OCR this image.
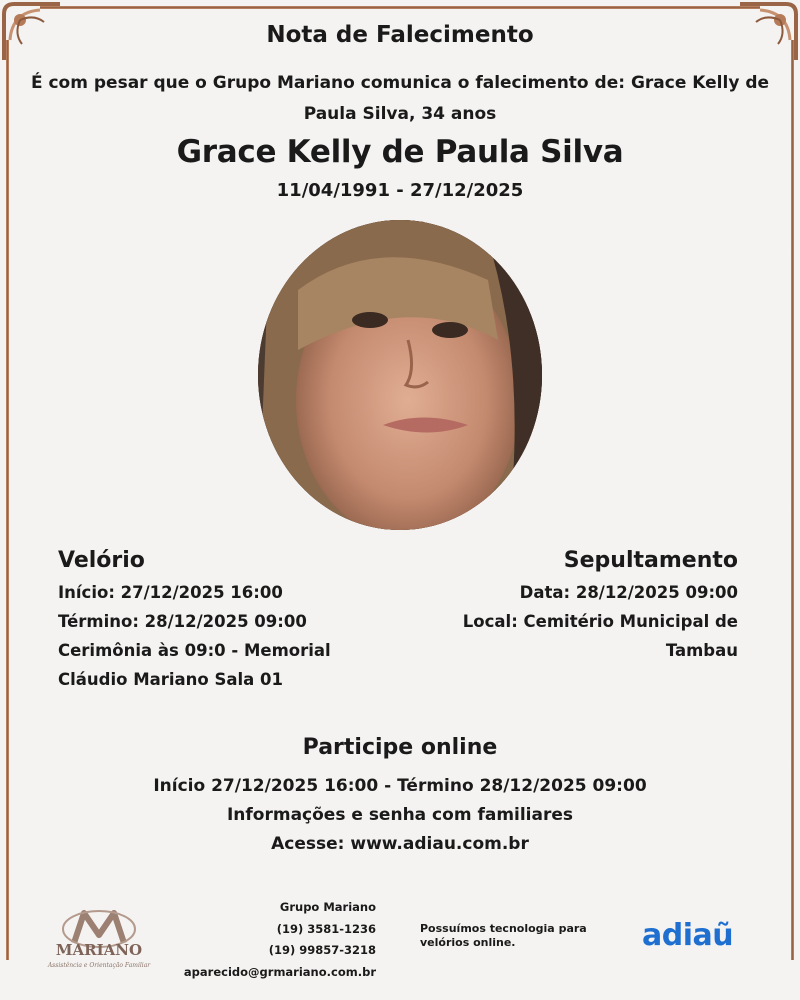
Nota de Falecimento
É com pesar que o Grupo Mariano comunica o falecimento de: Grace Kelly de Paula Silva, 34 anos
Grace Kelly de Paula Silva
11/04/1991 - 27/12/2025
Velório

Início: 27/12/2025 16:00

Término: 28/12/2025 09:00

Cerimônia às 09:0 - Memorial Cláudio Mariano Sala 01

Sepultamento

Data: 28/12/2025 09:00

Local: Cemitério Municipal de Tambau

Participe online

Início 27/12/2025 16:00 - Término 28/12/2025 09:00

Informações e senha com familiares

Acesse: www.adiau.com.br

MARIANO
Assistência e Orientação Familiar
Grupo Mariano
(19) 3581-1236
(19) 99857-3218
aparecido@grmariano.com.br
Possuímos tecnologia para velórios online.	adiaũ
